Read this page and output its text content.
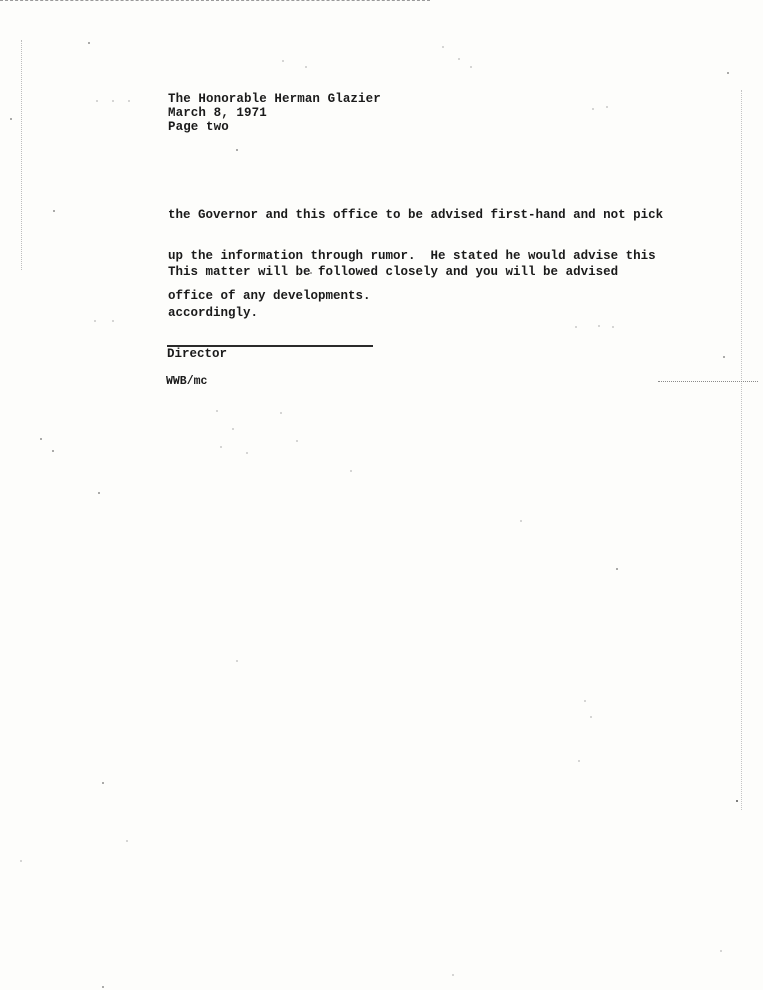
The Honorable Herman Glazier
March 8, 1971
Page two

the Governor and this office to be advised first-hand and not pick

up the information through rumor.  He stated he would advise this

office of any developments.

This matter will be followed closely and you will be advised

accordingly.

Director
WWB/mc
